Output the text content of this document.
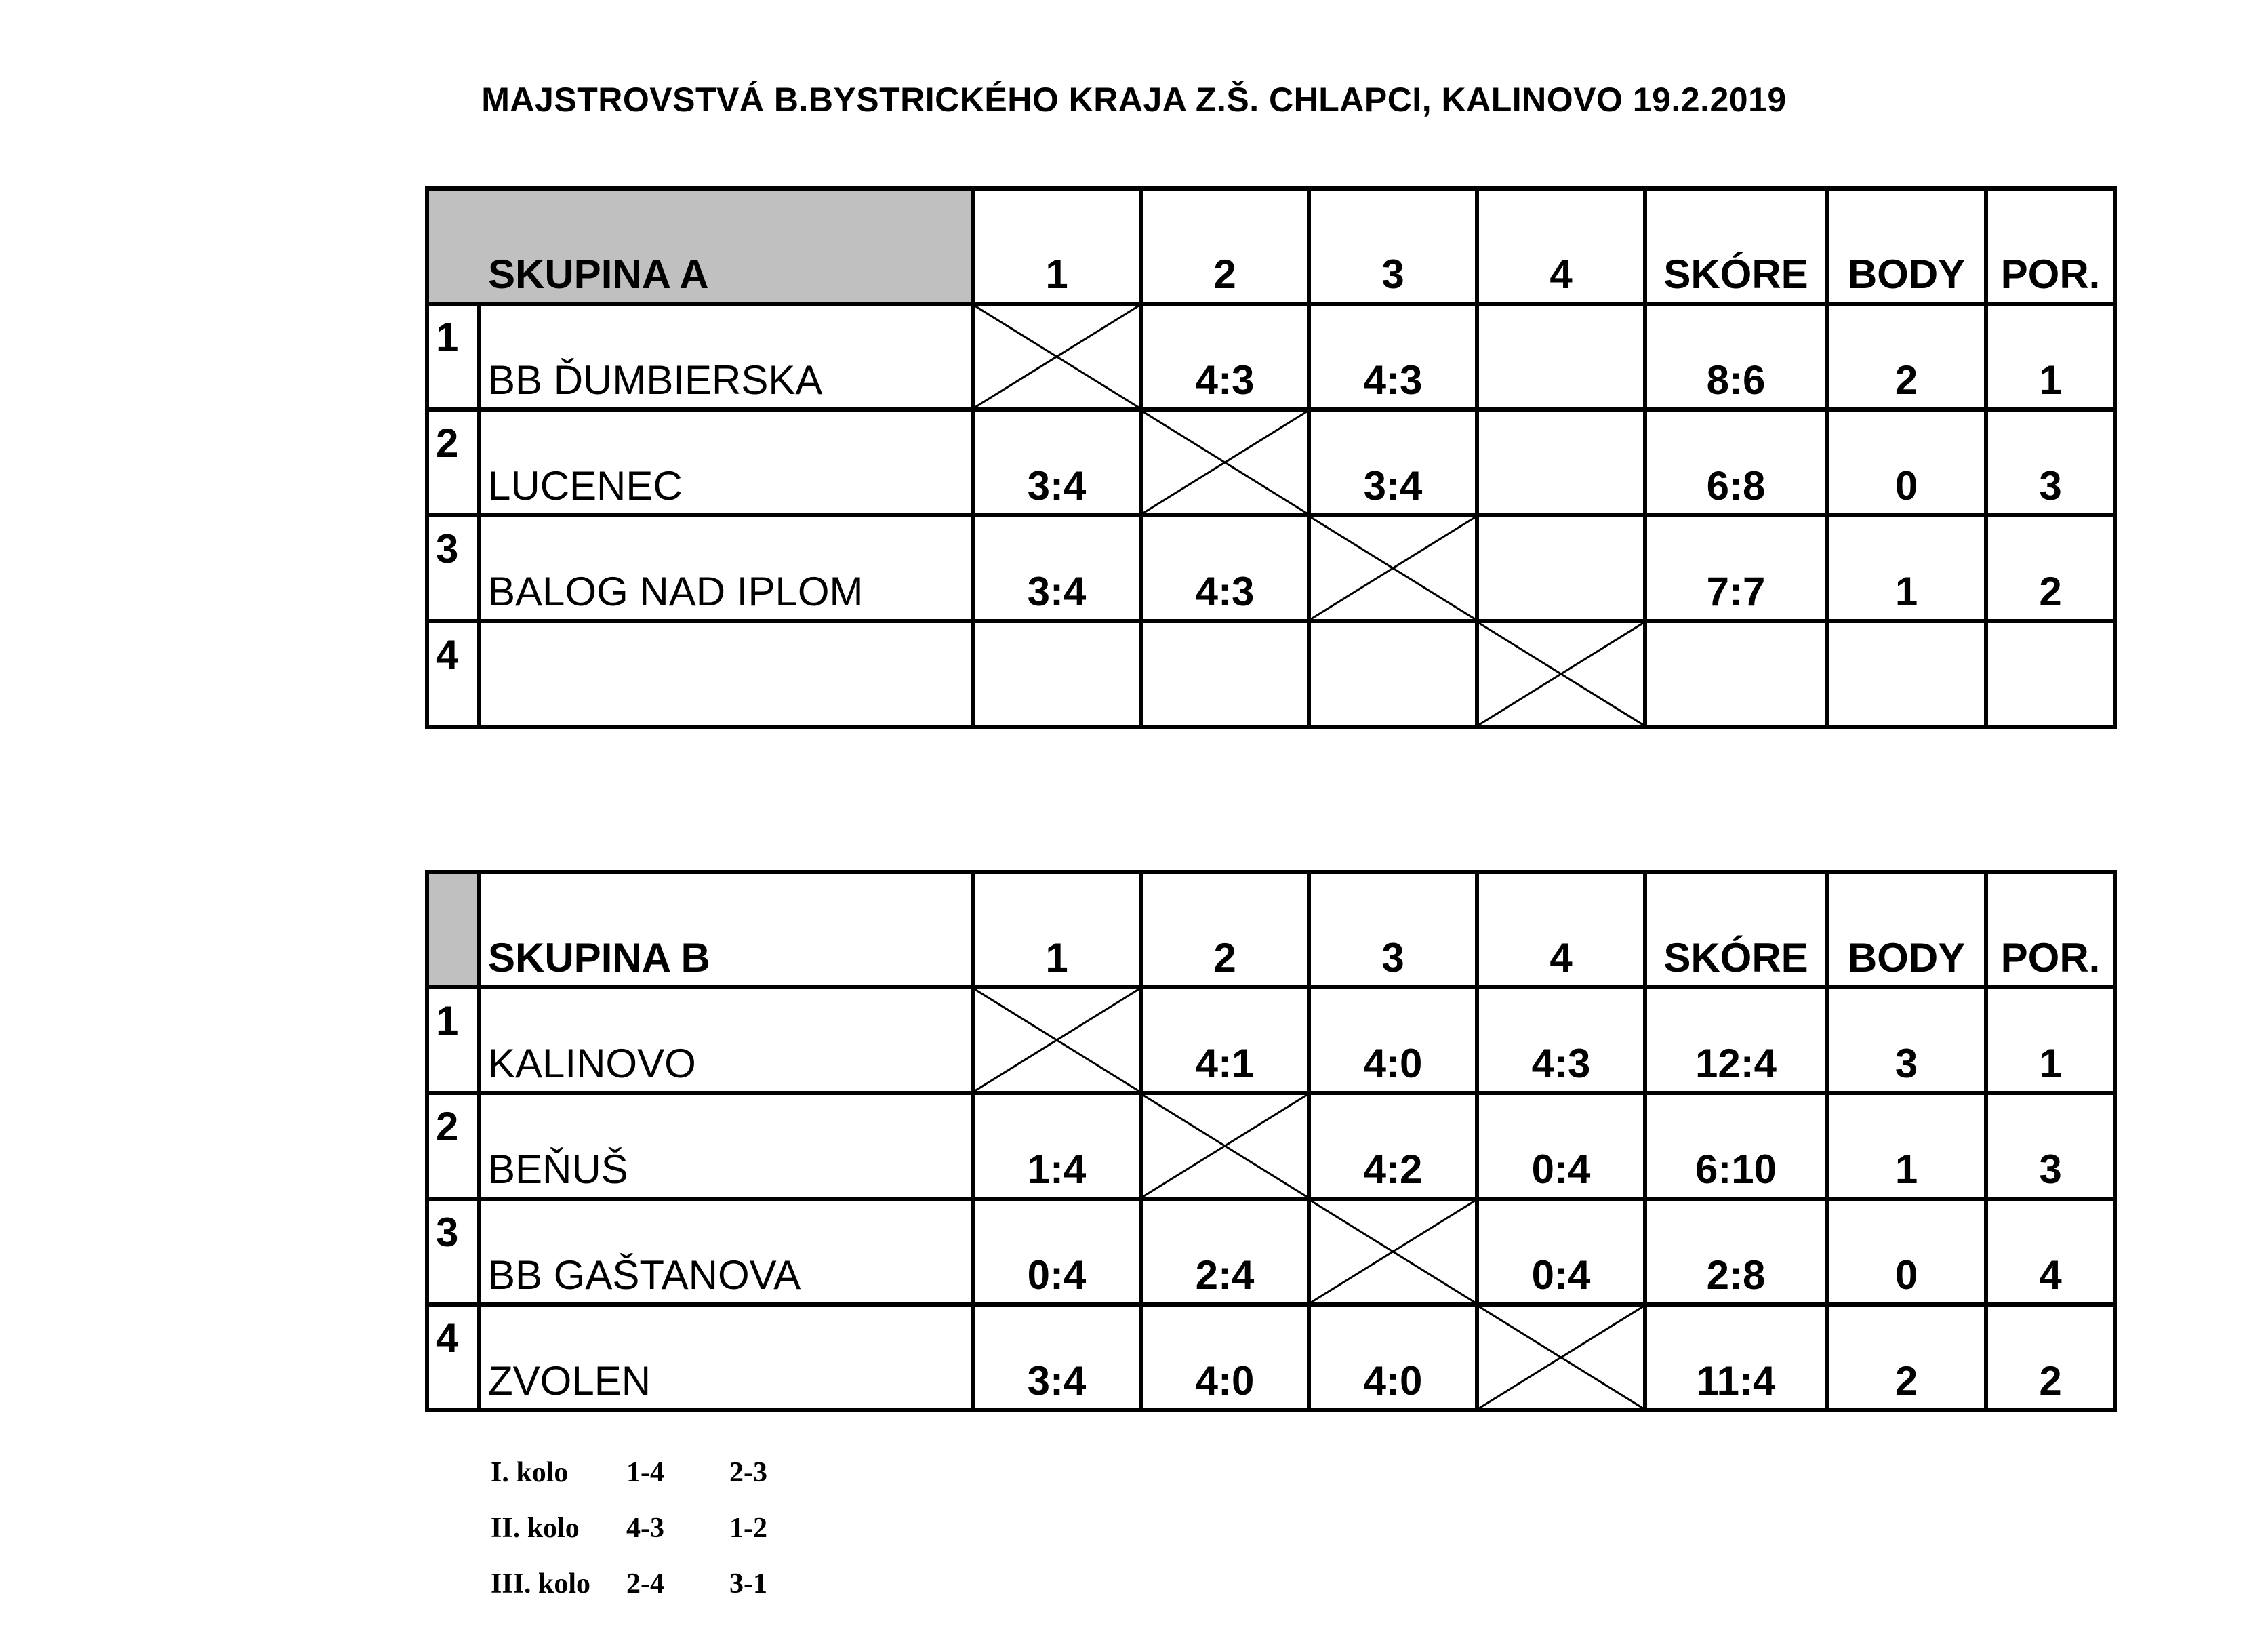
MAJSTROVSTVÁ B.BYSTRICKÉHO KRAJA Z.Š. CHLAPCI, KALINOVO 19.2.2019
SKUPINA A		1	2	3	4	SKÓRE	BODY	POR.
1	BB ĎUMBIERSKA		4:3	4:3		8:6	2	1
2	LUCENEC	3:4		3:4		6:8	0	3
3	BALOG NAD IPLOM	3:4	4:3			7:7	1	2
4					

	SKUPINA B	1	2	3	4	SKÓRE	BODY	POR.
1	KALINOVO		4:1	4:0	4:3	12:4	3	1
2	BEŇUŠ	1:4		4:2	0:4	6:10	1	3
3	BB GAŠTANOVA	0:4	2:4		0:4	2:8	0	4
4	ZVOLEN	3:4	4:0	4:0		11:4	2	2
I. kolo 1-4 2-3
II. kolo 4-3 1-2
III. kolo 2-4 3-1
